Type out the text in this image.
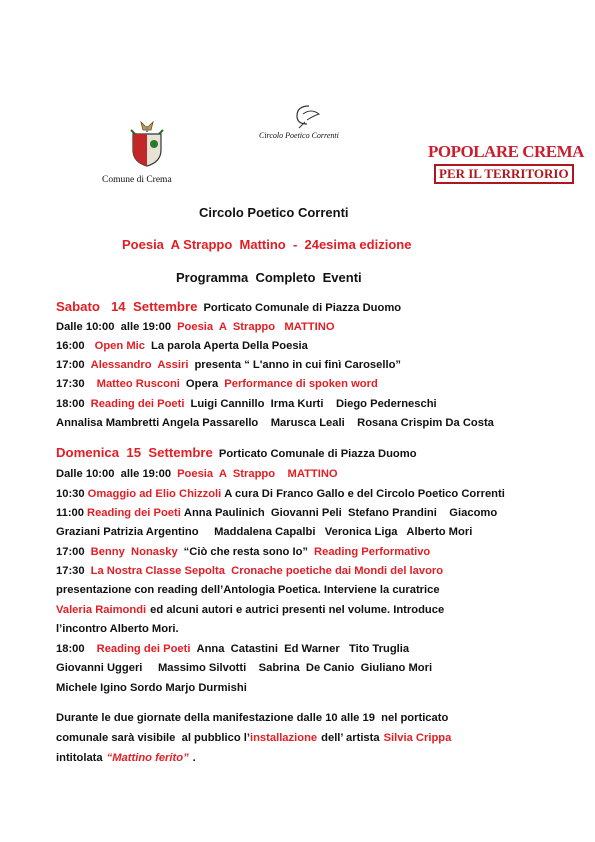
Comune di Crema
Circolo Poetico Correnti
POPOLARE CREMA
PER IL TERRITORIO
Circolo Poetico Correnti
Poesia  A Strappo  Mattino  -  24esima edizione
Programma  Completo  Eventi
Sabato   14  Settembre Porticato Comunale di Piazza Duomo
Dalle 10:00  alle 19:00 Poesia  A  Strappo   MATTINO
16:00 Open Mic La parola Aperta Della Poesia
17:00 Alessandro  Assiri presenta “ L'anno in cui finì Carosello”
17:30 Matteo Rusconi Opera Performance di spoken word
18:00 Reading dei Poeti Luigi Cannillo  Irma Kurti    Diego Pederneschi
Annalisa Mambretti Angela Passarello    Marusca Leali    Rosana Crispim Da Costa
Domenica  15  Settembre Porticato Comunale di Piazza Duomo
Dalle 10:00  alle 19:00 Poesia  A  Strappo    MATTINO
10:30 Omaggio ad Elio Chizzoli A cura Di Franco Gallo e del Circolo Poetico Correnti
11:00 Reading dei Poeti Anna Paulinich  Giovanni Peli  Stefano Prandini    Giacomo
Graziani Patrizia Argentino     Maddalena Capalbi   Veronica Liga   Alberto Mori
17:00 Benny  Nonasky “Ciò che resta sono Io” Reading Performativo
17:30 La Nostra Classe Sepolta  Cronache poetiche dai Mondi del lavoro
presentazione con reading dell’Antologia Poetica. Interviene la curatrice
Valeria Raimondi ed alcuni autori e autrici presenti nel volume. Introduce
l’incontro Alberto Mori.
18:00 Reading dei Poeti Anna  Catastini  Ed Warner   Tito Truglia
Giovanni Uggeri     Massimo Silvotti    Sabrina  De Canio  Giuliano Mori
Michele Igino Sordo Marjo Durmishi
Durante le due giornate della manifestazione dalle 10 alle 19  nel porticato
comunale sarà visibile  al pubblico l’installazione dell’ artista Silvia Crippa
intitolata “Mattino ferito” .
